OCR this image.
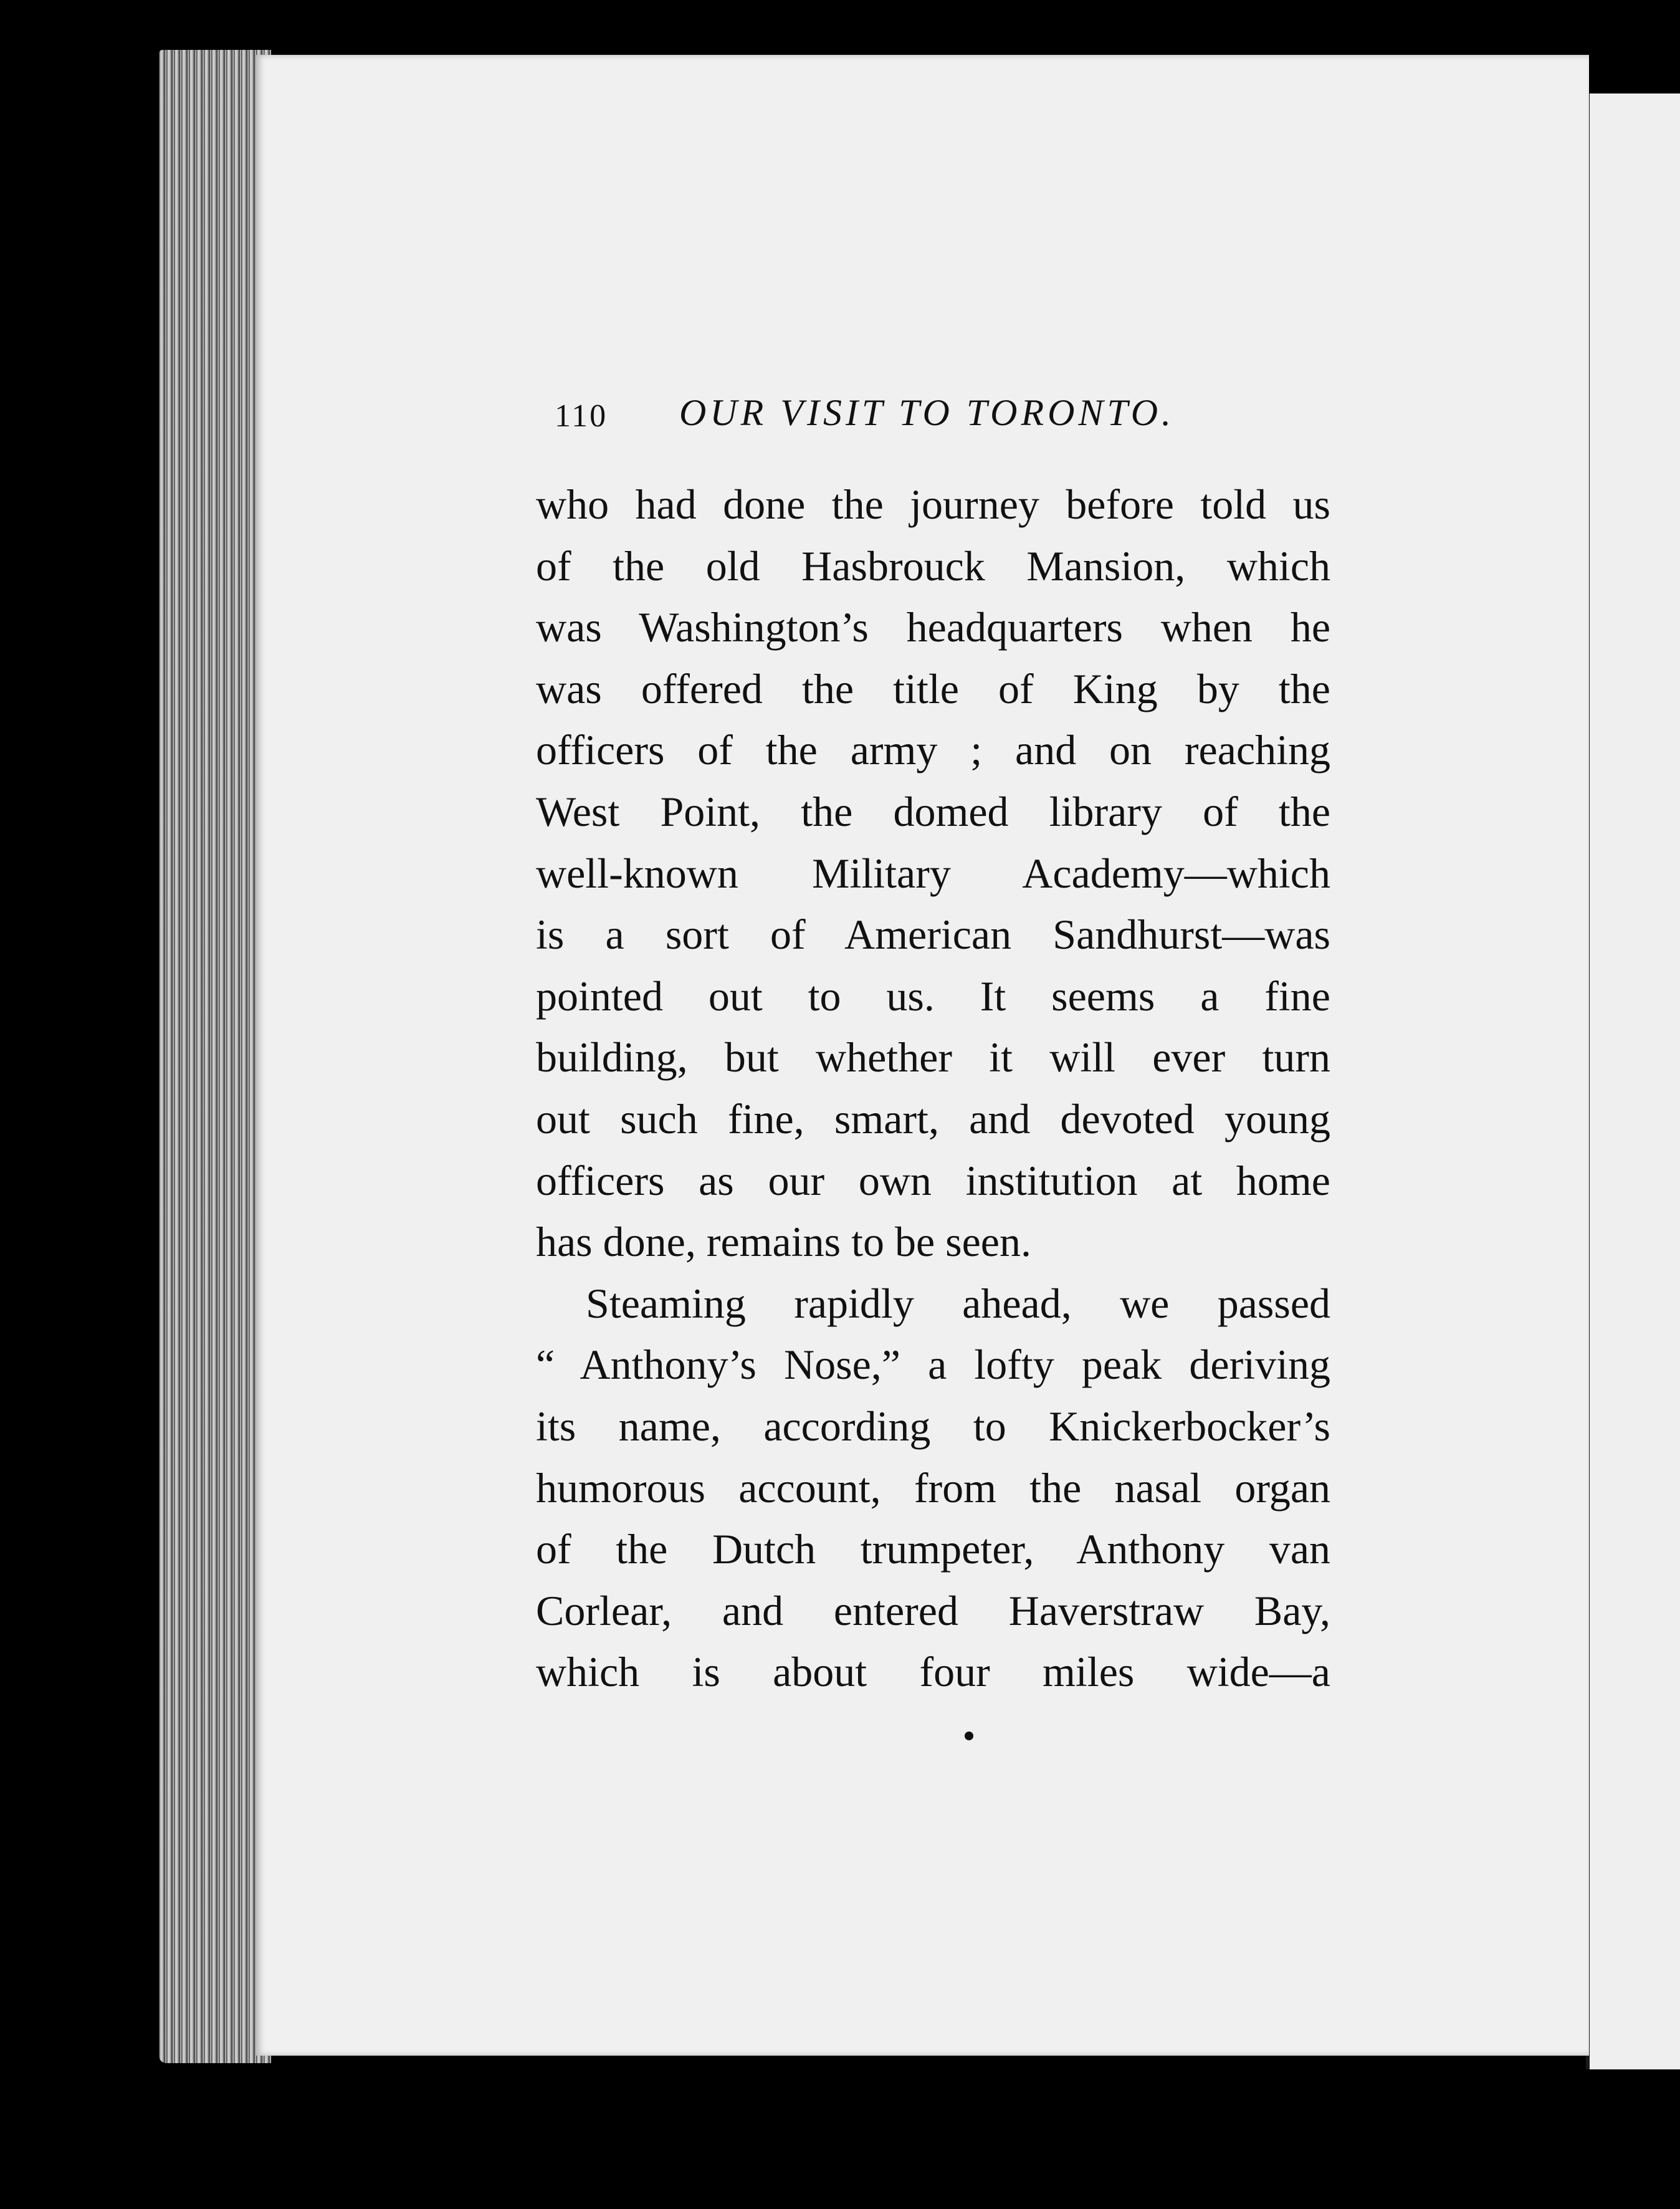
110 OUR VISIT TO TORONTO.
who had done the journey before told us
of the old Hasbrouck Mansion, which
was Washington’s headquarters when he
was offered the title of King by the
officers of the army ; and on reaching
West Point, the domed library of the
well-known Military Academy—which
is a sort of American Sandhurst—was
pointed out to us. It seems a fine
building, but whether it will ever turn
out such fine, smart, and devoted young
officers as our own institution at home
has done, remains to be seen.
Steaming rapidly ahead, we passed
“ Anthony’s Nose,” a lofty peak deriving
its name, according to Knickerbocker’s
humorous account, from the nasal organ
of the Dutch trumpeter, Anthony van
Corlear, and entered Haverstraw Bay,
which is about four miles wide—a
